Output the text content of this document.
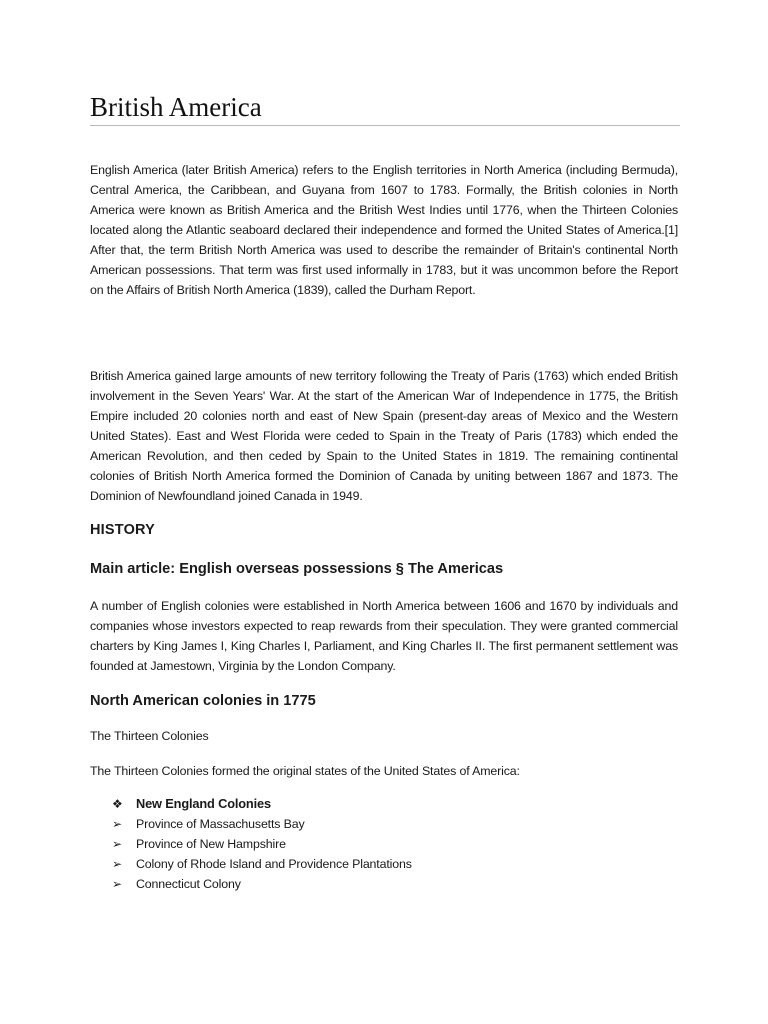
British America

English America (later British America) refers to the English territories in North America (including Bermuda), Central America, the Caribbean, and Guyana from 1607 to 1783. Formally, the British colonies in North America were known as British America and the British West Indies until 1776, when the Thirteen Colonies located along the Atlantic seaboard declared their independence and formed the United States of America.[1] After that, the term British North America was used to describe the remainder of Britain's continental North American possessions. That term was first used informally in 1783, but it was uncommon before the Report on the Affairs of British North America (1839), called the Durham Report.

British America gained large amounts of new territory following the Treaty of Paris (1763) which ended British involvement in the Seven Years' War. At the start of the American War of Independence in 1775, the British Empire included 20 colonies north and east of New Spain (present-day areas of Mexico and the Western United States). East and West Florida were ceded to Spain in the Treaty of Paris (1783) which ended the American Revolution, and then ceded by Spain to the United States in 1819. The remaining continental colonies of British North America formed the Dominion of Canada by uniting between 1867 and 1873. The Dominion of Newfoundland joined Canada in 1949.

HISTORY
Main article: English overseas possessions § The Americas

A number of English colonies were established in North America between 1606 and 1670 by individuals and companies whose investors expected to reap rewards from their speculation. They were granted commercial charters by King James I, King Charles I, Parliament, and King Charles II. The first permanent settlement was founded at Jamestown, Virginia by the London Company.

North American colonies in 1775
The Thirteen Colonies
The Thirteen Colonies formed the original states of the United States of America:
❖	New England Colonies
➢	Province of Massachusetts Bay
➢	Province of New Hampshire
➢	Colony of Rhode Island and Providence Plantations
➢	Connecticut Colony
